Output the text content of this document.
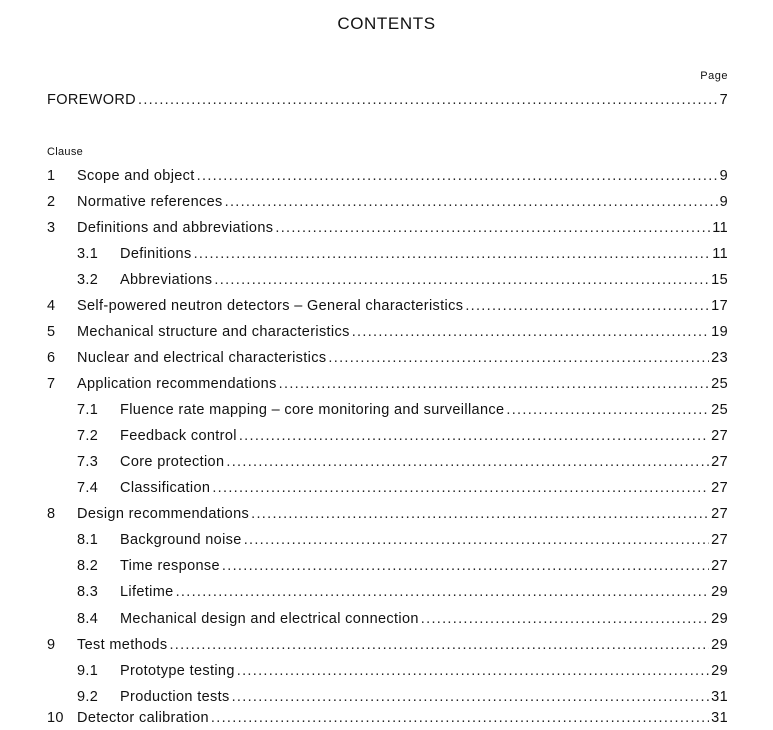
CONTENTS
Page
FOREWORD .....	7
Clause
1	Scope and object .....	9
2	Normative references .....	9
3	Definitions and abbreviations .....	11
3.1	Definitions .....	11
3.2	Abbreviations .....	15
4	Self-powered neutron detectors – General characteristics .....	17
5	Mechanical structure and characteristics .....	19
6	Nuclear and electrical characteristics .....	23
7	Application recommendations .....	25
7.1	Fluence rate mapping – core monitoring and surveillance .....	25
7.2	Feedback control .....	27
7.3	Core protection .....	27
7.4	Classification .....	27
8	Design recommendations .....	27
8.1	Background noise .....	27
8.2	Time response .....	27
8.3	Lifetime .....	29
8.4	Mechanical design and electrical connection .....	29
9	Test methods .....	29
9.1	Prototype testing .....	29
9.2	Production tests .....	31
10 Detector calibration .....	31
